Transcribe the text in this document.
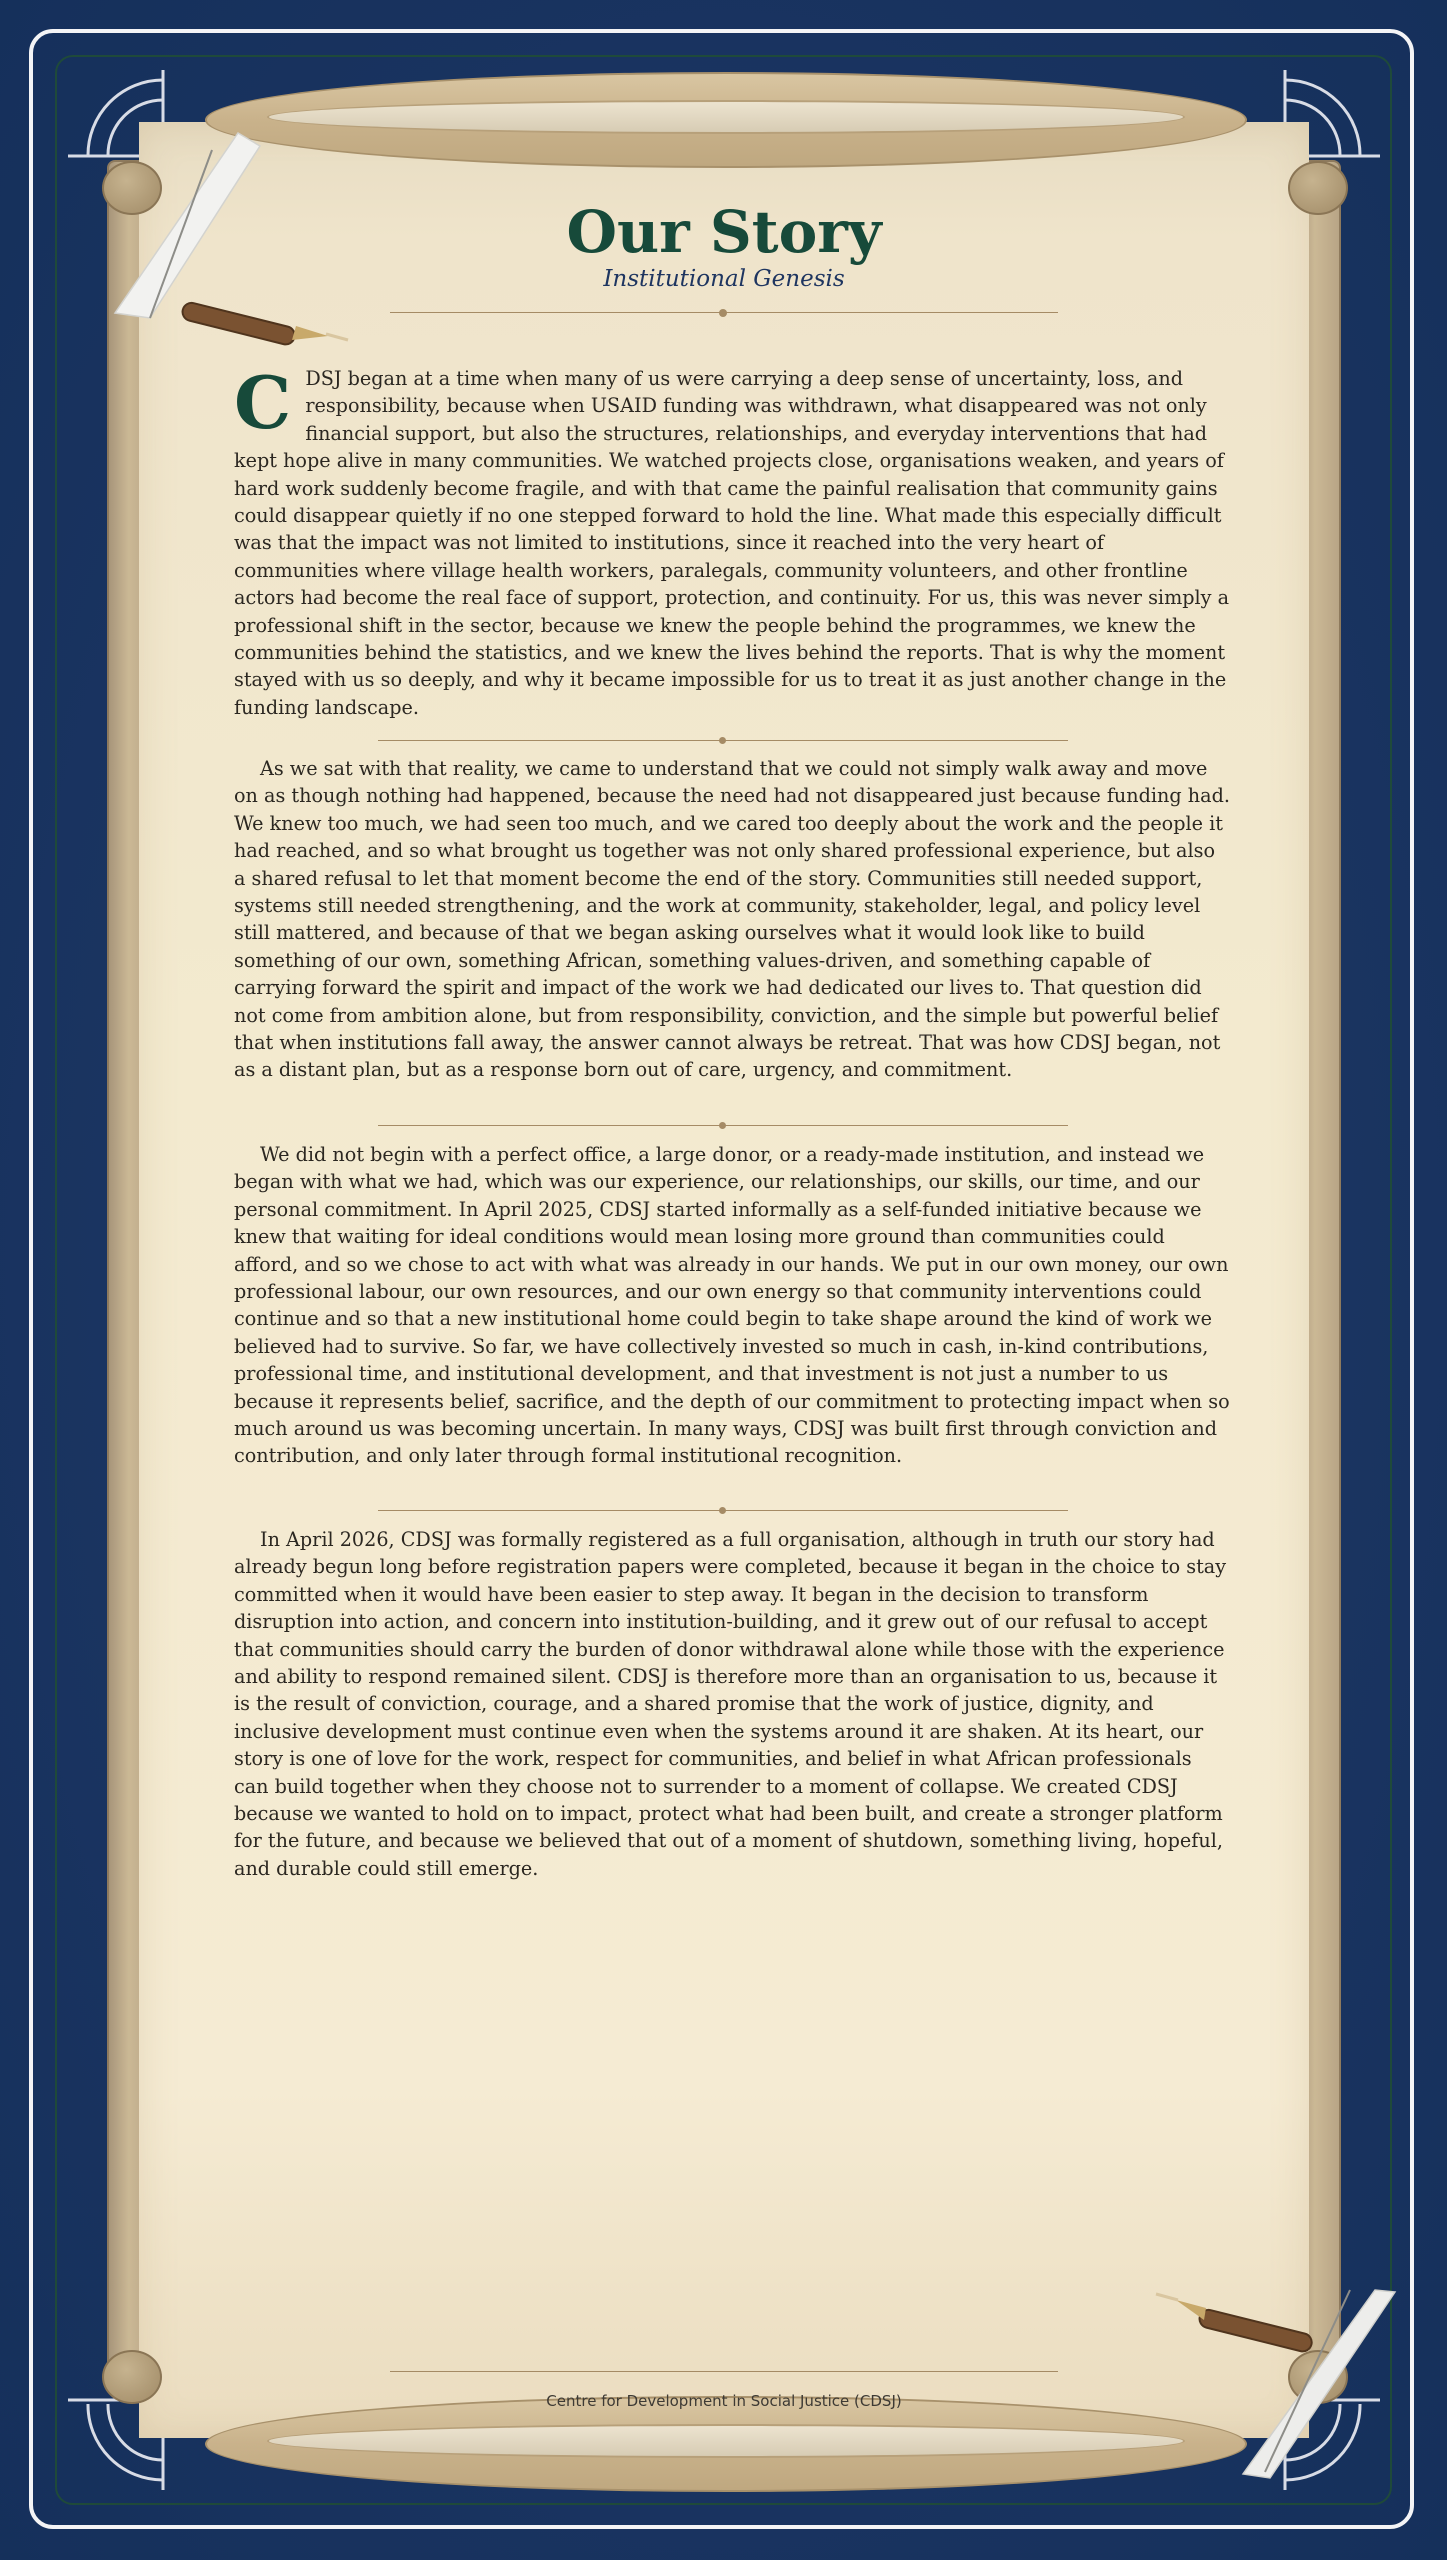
Our Story
Institutional Genesis

CDSJ began at a time when many of us were carrying a deep sense of uncertainty, loss, and responsibility, because when USAID funding was withdrawn, what disappeared was not only financial support, but also the structures, relationships, and everyday interventions that had kept hope alive in many communities. We watched projects close, organisations weaken, and years of hard work suddenly become fragile, and with that came the painful realisation that community gains could disappear quietly if no one stepped forward to hold the line. What made this especially difficult was that the impact was not limited to institutions, since it reached into the very heart of communities where village health workers, paralegals, community volunteers, and other frontline actors had become the real face of support, protection, and continuity. For us, this was never simply a professional shift in the sector, because we knew the people behind the programmes, we knew the communities behind the statistics, and we knew the lives behind the reports. That is why the moment stayed with us so deeply, and why it became impossible for us to treat it as just another change in the funding landscape.

As we sat with that reality, we came to understand that we could not simply walk away and move on as though nothing had happened, because the need had not disappeared just because funding had. We knew too much, we had seen too much, and we cared too deeply about the work and the people it had reached, and so what brought us together was not only shared professional experience, but also a shared refusal to let that moment become the end of the story. Communities still needed support, systems still needed strengthening, and the work at community, stakeholder, legal, and policy level still mattered, and because of that we began asking ourselves what it would look like to build something of our own, something African, something values-driven, and something capable of carrying forward the spirit and impact of the work we had dedicated our lives to. That question did not come from ambition alone, but from responsibility, conviction, and the simple but powerful belief that when institutions fall away, the answer cannot always be retreat. That was how CDSJ began, not as a distant plan, but as a response born out of care, urgency, and commitment.

We did not begin with a perfect office, a large donor, or a ready-made institution, and instead we began with what we had, which was our experience, our relationships, our skills, our time, and our personal commitment. In April 2025, CDSJ started informally as a self-funded initiative because we knew that waiting for ideal conditions would mean losing more ground than communities could afford, and so we chose to act with what was already in our hands. We put in our own money, our own professional labour, our own resources, and our own energy so that community interventions could continue and so that a new institutional home could begin to take shape around the kind of work we believed had to survive. So far, we have collectively invested so much in cash, in-kind contributions, professional time, and institutional development, and that investment is not just a number to us because it represents belief, sacrifice, and the depth of our commitment to protecting impact when so much around us was becoming uncertain. In many ways, CDSJ was built first through conviction and contribution, and only later through formal institutional recognition.

In April 2026, CDSJ was formally registered as a full organisation, although in truth our story had already begun long before registration papers were completed, because it began in the choice to stay committed when it would have been easier to step away. It began in the decision to transform disruption into action, and concern into institution-building, and it grew out of our refusal to accept that communities should carry the burden of donor withdrawal alone while those with the experience and ability to respond remained silent. CDSJ is therefore more than an organisation to us, because it is the result of conviction, courage, and a shared promise that the work of justice, dignity, and inclusive development must continue even when the systems around it are shaken. At its heart, our story is one of love for the work, respect for communities, and belief in what African professionals can build together when they choose not to surrender to a moment of collapse. We created CDSJ because we wanted to hold on to impact, protect what had been built, and create a stronger platform for the future, and because we believed that out of a moment of shutdown, something living, hopeful, and durable could still emerge.

Centre for Development in Social Justice (CDSJ)
